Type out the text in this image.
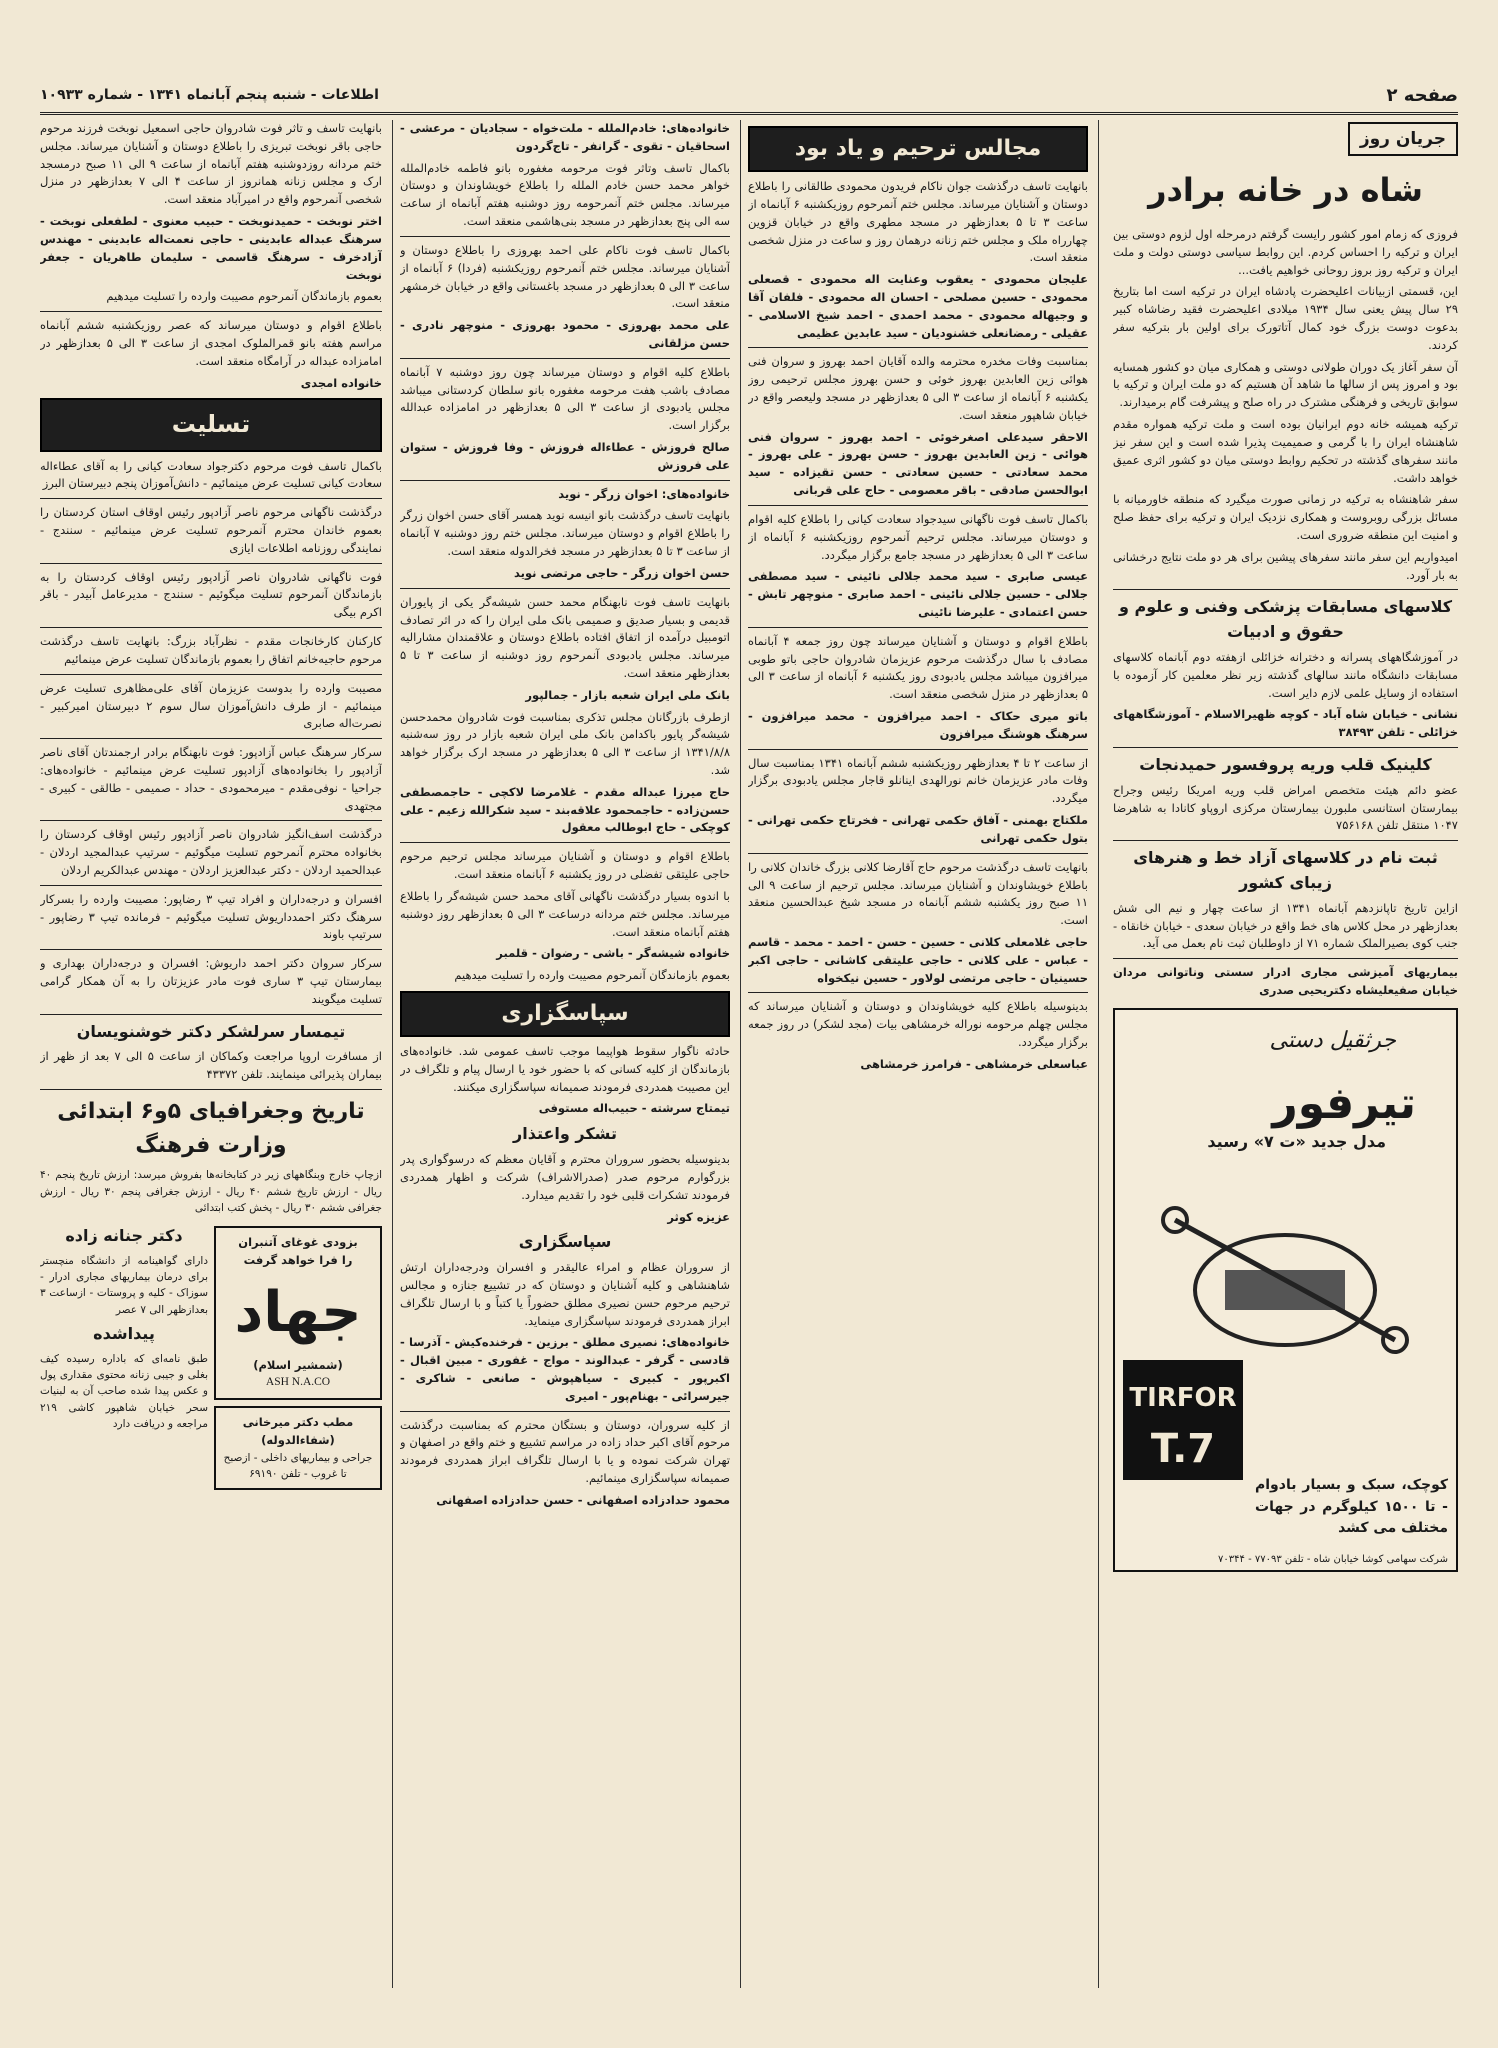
صفحه ۲
اطلاعات - شنبه پنجم آبانماه ۱۳۴۱ - شماره ۱۰۹۳۳
جریان روز
شاه در خانه برادر

فروزی که زمام امور کشور رایست گرفتم درمرحله اول لزوم دوستی بین ایران و ترکیه را احساس کردم. این روابط سیاسی دوستی دولت و ملت ایران و ترکیه روز بروز روحانی خواهیم یافت...

این، قسمتی ازبیانات اعلیحضرت پادشاه ایران در ترکیه است اما بتاریخ ۲۹ سال پیش یعنی سال ۱۹۳۴ میلادی اعلیحضرت فقید رضاشاه کبیر بدعوت دوست بزرگ خود کمال آتاتورک برای اولین بار بترکیه سفر کردند.

آن سفر آغاز یک دوران طولانی دوستی و همکاری میان دو کشور همسایه بود و امروز پس از سالها ما شاهد آن هستیم که دو ملت ایران و ترکیه با سوابق تاریخی و فرهنگی مشترک در راه صلح و پیشرفت گام برمیدارند.

ترکیه همیشه خانه دوم ایرانیان بوده است و ملت ترکیه همواره مقدم شاهنشاه ایران را با گرمی و صمیمیت پذیرا شده است و این سفر نیز مانند سفرهای گذشته در تحکیم روابط دوستی میان دو کشور اثری عمیق خواهد داشت.

سفر شاهنشاه به ترکیه در زمانی صورت میگیرد که منطقه خاورمیانه با مسائل بزرگی روبروست و همکاری نزدیک ایران و ترکیه برای حفظ صلح و امنیت این منطقه ضروری است.

امیدواریم این سفر مانند سفرهای پیشین برای هر دو ملت نتایج درخشانی به بار آورد.

کلاسهای مسابقات پزشکی وفنی و علوم و حقوق و ادبیات

در آموزشگاههای پسرانه و دخترانه خزائلی ازهفته دوم آبانماه کلاسهای مسابقات دانشگاه مانند سالهای گذشته زیر نظر معلمین کار آزموده با استفاده از وسایل علمی لازم دایر است.

نشانی - خیابان شاه آباد - کوچه ظهیرالاسلام - آموزشگاههای خزائلی - تلفن ۳۸۴۹۳

کلینیک قلب وریه پروفسور حمیدنجات

عضو دائم هیئت متخصص امراض قلب وریه امریکا رئیس وجراح بیمارستان استانسی ملبورن بیمارستان مرکزی اروپاو کانادا به شاهرضا ۱۰۴۷ منتقل تلفن ۷۵۶۱۶۸

ثبت نام در کلاسهای آزاد خط و هنرهای زیبای کشور

ازاین تاریخ تاپانزدهم آبانماه ۱۳۴۱ از ساعت چهار و نیم الی شش بعدازظهر در محل کلاس های خط واقع در خیابان سعدی - خیابان خانقاه - جنب کوی بصیرالملک شماره ۷۱ از داوطلبان ثبت نام بعمل می آید.

بیماریهای آمیزشی مجاری ادرار سستی وناتوانی مردان خیابان صفیعلیشاه دکتریحیی صدری

جرثقیل دستی
تیرفور
مدل جدید «ت ۷» رسید
TIRFOR
T.7
کوچک، سبک و بسیار بادوام - تا ۱۵۰۰ کیلوگرم در جهات مختلف می کشد
شرکت سهامی کوشا خیابان شاه - تلفن ۷۷۰۹۳ - ۷۰۳۴۴
مجالس ترحیم و یاد بود

بانهایت تاسف درگذشت جوان ناکام فریدون محمودی طالقانی را باطلاع دوستان و آشنایان میرساند. مجلس ختم آنمرحوم روزیکشنبه ۶ آبانماه از ساعت ۳ تا ۵ بعدازظهر در مسجد مطهری واقع در خیابان قزوین چهارراه ملک و مجلس ختم زنانه درهمان روز و ساعت در منزل شخصی منعقد است.

علیجان محمودی - یعقوب وعنایت اله محمودی - قصعلی محمودی - حسین مصلحی - احسان اله محمودی - فلفان آقا و وجیهاله محمودی - محمد احمدی - احمد شیخ الاسلامی - عقیلی - رمضانعلی خشنودیان - سید عابدین عظیمی

بمناسبت وفات مخدره محترمه والده آقایان احمد بهروز و سروان فنی هوائی زین العابدین بهروز خوئی و حسن بهروز مجلس ترحیمی روز یکشنبه ۶ آبانماه از ساعت ۳ الی ۵ بعدازظهر در مسجد ولیعصر واقع در خیابان شاهپور منعقد است.

الاحقر سیدعلی اصغرخوئی - احمد بهروز - سروان فنی هوائی - زین العابدین بهروز - حسن بهروز - علی بهروز - محمد سعادتی - حسین سعادتی - حسن تقیزاده - سید ابوالحسن صادقی - باقر معصومی - حاج علی قربانی

باکمال تاسف فوت ناگهانی سیدجواد سعادت کیانی را باطلاع کلیه اقوام و دوستان میرساند. مجلس ترحیم آنمرحوم روزیکشنبه ۶ آبانماه از ساعت ۳ الی ۵ بعدازظهر در مسجد جامع برگزار میگردد.

عیسی صابری - سید محمد جلالی نائینی - سید مصطفی جلالی - حسین جلالی نائینی - احمد صابری - منوچهر تابش - حسن اعتمادی - علیرضا نائینی

باطلاع اقوام و دوستان و آشنایان میرساند چون روز جمعه ۴ آبانماه مصادف با سال درگذشت مرحوم عزیزمان شادروان حاجی باتو طوبی میرافزون میباشد مجلس یادبودی روز یکشنبه ۶ آبانماه از ساعت ۳ الی ۵ بعدازظهر در منزل شخصی منعقد است.

باتو میری حکاک - احمد میرافزون - محمد میرافزون - سرهنگ هوشنگ میرافزون

از ساعت ۲ تا ۴ بعدازظهر روزیکشنبه ششم آبانماه ۱۳۴۱ بمناسبت سال وفات مادر عزیزمان خانم نورالهدی اینانلو قاجار مجلس یادبودی برگزار میگردد.

ملکتاج بهمنی - آفاق حکمی تهرانی - فخرتاج حکمی تهرانی - بتول حکمی تهرانی

بانهایت تاسف درگذشت مرحوم حاج آقارضا کلانی بزرگ خاندان کلانی را باطلاع خویشاوندان و آشنایان میرساند. مجلس ترحیم از ساعت ۹ الی ۱۱ صبح روز یکشنبه ششم آبانماه در مسجد شیخ عبدالحسین منعقد است.

حاجی غلامعلی کلانی - حسین - حسن - احمد - محمد - قاسم - عباس - علی کلانی - حاجی علیتقی کاشانی - حاجی اکبر حسینیان - حاجی مرتضی لولاور - حسین نیکخواه

بدینوسیله باطلاع کلیه خویشاوندان و دوستان و آشنایان میرساند که مجلس چهلم مرحومه نوراله خرمشاهی بیات (مجد لشکر) در روز جمعه برگزار میگردد.

عباسعلی خرمشاهی - فرامرز خرمشاهی

خانواده‌های: خادم‌الملله - ملت‌خواه - سجادیان - مرعشی - اسحاقیان - تقوی - گرانفر - تاج‌گردون

باکمال تاسف وتاثر فوت مرحومه مغفوره بانو فاطمه خادم‌الملله خواهر محمد حسن خادم الملله را باطلاع خویشاوندان و دوستان میرساند. مجلس ختم آنمرحومه روز دوشنبه هفتم آبانماه از ساعت سه الی پنج بعدازظهر در مسجد بنی‌هاشمی منعقد است.

باکمال تاسف فوت ناکام علی احمد بهروزی را باطلاع دوستان و آشنایان میرساند. مجلس ختم آنمرحوم روزیکشنبه (فردا) ۶ آبانماه از ساعت ۳ الی ۵ بعدازظهر در مسجد باغستانی واقع در خیابان خرمشهر منعقد است.

علی محمد بهروزی - محمود بهروزی - منوچهر نادری - حسن مزلقانی

باطلاع کلیه اقوام و دوستان میرساند چون روز دوشنبه ۷ آبانماه مصادف باشب هفت مرحومه مغفوره بانو سلطان کردستانی میباشد مجلس یادبودی از ساعت ۳ الی ۵ بعدازظهر در امامزاده عبدالله برگزار است.

صالح فروزش - عطاءاله فروزش - وفا فروزش - ستوان علی فروزش

خانواده‌های: اخوان زرگر - نوید

بانهایت تاسف درگذشت بانو انیسه نوید همسر آقای حسن اخوان زرگر را باطلاع اقوام و دوستان میرساند. مجلس ختم روز دوشنبه ۷ آبانماه از ساعت ۳ تا ۵ بعدازظهر در مسجد فخرالدوله منعقد است.

حسن اخوان زرگر - حاجی مرتضی نوید

بانهایت تاسف فوت نابهنگام محمد حسن شیشه‌گر یکی از پایوران قدیمی و بسیار صدیق و صمیمی بانک ملی ایران را که در اثر تصادف اتومبیل درآمده از اتفاق افتاده باطلاع دوستان و علاقمندان مشاراليه میرساند. مجلس یادبودی آنمرحوم روز دوشنبه از ساعت ۳ تا ۵ بعدازظهر منعقد است.

بانک ملی ایران شعبه بازار - جمالپور

ازطرف بازرگانان مجلس تذکری بمناسبت فوت شادروان محمدحسن شیشه‌گر پایور باکدامن بانک ملی ایران شعبه بازار در روز سه‌شنبه ۱۳۴۱/۸/۸ از ساعت ۳ الی ۵ بعدازظهر در مسجد ارک برگزار خواهد شد.

حاج میرزا عبداله مقدم - غلامرضا لاکچی - حاجمصطفی حسن‌زاده - حاجمحمود علاقه‌بند - سید شکرالله زعیم - علی کوچکی - حاج ابوطالب معقول

باطلاع اقوام و دوستان و آشنایان میرساند مجلس ترحیم مرحوم حاجی علیتقی تفضلی در روز یکشنبه ۶ آبانماه منعقد است.

با اندوه بسیار درگذشت ناگهانی آقای محمد حسن شیشه‌گر را باطلاع میرساند. مجلس ختم مردانه درساعت ۳ الی ۵ بعدازظهر روز دوشنبه هفتم آبانماه منعقد است.

خانواده شیشه‌گر - باشی - رضوان - قلمبر

بعموم بازماندگان آنمرحوم مصیبت وارده را تسلیت میدهیم

سپاسگزاری

حادثه ناگوار سقوط هواپیما موجب تاسف عمومی شد. خانواده‌های بازماندگان از کلیه کسانی که با حضور خود یا ارسال پیام و تلگراف در این مصیبت همدردی فرمودند صمیمانه سپاسگزاری میکنند.

تیمتاج سرشته - حبیب‌اله مستوفی

تشکر واعتذار

بدینوسیله بحضور سروران محترم و آقایان معظم که درسوگواری پدر بزرگوارم مرحوم صدر (صدرالاشراف) شرکت و اظهار همدردی فرمودند تشکرات قلبی خود را تقدیم میدارد.

عزیزه کوثر

سپاسگزاری

از سروران عظام و امراء عالیقدر و افسران ودرجه‌داران ارتش شاهنشاهی و کلیه آشنایان و دوستان که در تشییع جنازه و مجالس ترحیم مرحوم حسن نصیری مطلق حضوراً یا کتباً و با ارسال تلگراف ابراز همدردی فرمودند سپاسگزاری مینماید.

خانواده‌های: نصیری مطلق - برزین - فرخنده‌کیش - آذرسا - قادسی - گرفر - عبدالوند - مواج - غفوری - مبین اقبال - اکبرپور - کبیری - سیاهپوش - صانعی - شاکری - جیرسرائی - بهنام‌پور - امیری

از کلیه سروران، دوستان و بستگان محترم که بمناسبت درگذشت مرحوم آقای اکبر حداد زاده در مراسم تشییع و ختم واقع در اصفهان و تهران شرکت نموده و یا با ارسال تلگراف ابراز همدردی فرمودند صمیمانه سپاسگزاری مینمائیم.

محمود حدادزاده اصفهانی - حسن حدادزاده اصفهانی

بانهایت تاسف و تاثر فوت شادروان حاجی اسمعیل نوبخت فرزند مرحوم حاجی باقر نوبخت تبریزی را باطلاع دوستان و آشنایان میرساند. مجلس ختم مردانه روزدوشنبه هفتم آبانماه از ساعت ۹ الی ۱۱ صبح درمسجد ارک و مجلس زنانه همانروز از ساعت ۴ الی ۷ بعدازظهر در منزل شخصی آنمرحوم واقع در امیرآباد منعقد است.

اختر نوبخت - حمیدنوبخت - حبیب معنوی - لطفعلی نوبخت - سرهنگ عبداله عابدینی - حاجی نعمت‌اله عابدینی - مهندس آزادخرف - سرهنگ قاسمی - سلیمان طاهریان - جعفر نوبخت

بعموم بازماندگان آنمرحوم مصیبت وارده را تسلیت میدهیم

باطلاع اقوام و دوستان میرساند که عصر روزیکشنبه ششم آبانماه مراسم هفته بانو قمرالملوک امجدی از ساعت ۳ الی ۵ بعدازظهر در امامزاده عبداله در آرامگاه منعقد است.

خانواده امجدی

تسلیت

باکمال تاسف فوت مرحوم دکترجواد سعادت کیانی را به آقای عطاءاله سعادت کیانی تسلیت عرض مینمائیم - دانش‌آموزان پنجم دبیرستان البرز

درگذشت ناگهانی مرحوم ناصر آزادپور رئیس اوقاف استان کردستان را بعموم خاندان محترم آنمرحوم تسلیت عرض مینمائیم - سنندج - نمایندگی روزنامه اطلاعات ایازی

فوت ناگهانی شادروان ناصر آزادپور رئیس اوقاف کردستان را به بازماندگان آنمرحوم تسلیت میگوئیم - سنندج - مدیرعامل آبیدر - باقر اکرم بیگی

کارکنان کارخانجات مقدم - نظرآباد بزرگ: بانهایت تاسف درگذشت مرحوم حاجیه‌خانم اتفاق را بعموم بازماندگان تسلیت عرض مینمائیم

مصیبت وارده را بدوست عزیزمان آقای علی‌مظاهری تسلیت عرض مینمائیم - از طرف دانش‌آموزان سال سوم ۲ دبیرستان امیرکبیر - نصرت‌اله صابری

سرکار سرهنگ عباس آزادپور: فوت نابهنگام برادر ارجمندتان آقای ناصر آزادپور را بخانواده‌های آزادپور تسلیت عرض مینمائیم - خانواده‌های: جراحیا - نوفی‌مقدم - میرمحمودی - حداد - صمیمی - طالقی - کبیری - مجتهدی

درگذشت اسف‌انگیز شادروان ناصر آزادپور رئیس اوقاف کردستان را بخانواده محترم آنمرحوم تسلیت میگوئیم - سرتیپ عبدالمجید اردلان - عبدالحمید اردلان - دکتر عبدالعزیز اردلان - مهندس عبدالکریم اردلان

افسران و درجه‌داران و افراد تیپ ۳ رضاپور: مصیبت وارده را بسرکار سرهنگ دکتر احمدداریوش تسلیت میگوئیم - فرمانده تیپ ۳ رضاپور - سرتیپ باوند

سرکار سروان دکتر احمد داریوش: افسران و درجه‌داران بهداری و بیمارستان تیپ ۳ ساری فوت مادر عزیزتان را به آن همکار گرامی تسلیت میگویند

تیمسار سرلشکر دکتر خوشنویسان

از مسافرت اروپا مراجعت وکماکان از ساعت ۵ الی ۷ بعد از ظهر از بیماران پذیرائی مینمایند. تلفن ۴۳۳۷۲

تاریخ وجغرافیای ۵و۶ ابتدائی وزارت فرهنگ

ازچاپ خارج وبنگاههای زیر در کتابخانه‌ها بفروش میرسد: ارزش تاریخ پنجم ۴۰ ریال - ارزش تاریخ ششم ۴۰ ریال - ارزش جغرافی پنجم ۳۰ ریال - ارزش جغرافی ششم ۳۰ ریال - پخش کتب ابتدائی

بزودی غوغای آتنبران
را فرا خواهد گرفت
جهاد
(شمشیر اسلام)
ASH N.A.CO
مطب دکتر میرخانی
(شفاءالدوله)
جراحی و بیماریهای داخلی - ازصبح تا غروب - تلفن ۶۹۱۹۰
دکتر جنانه زاده

دارای گواهینامه از دانشگاه منچستر برای درمان بیماریهای مجاری ادرار - سوزاک - کلیه و پروستات - ازساعت ۳ بعدازظهر الی ۷ عصر

پیداشده

طبق نامه‌ای که باداره رسیده کیف بغلی و جیبی زنانه محتوی مقداری پول و عکس پیدا شده صاحب آن به لبنیات سحر خیابان شاهپور کاشی ۲۱۹ مراجعه و دریافت دارد
